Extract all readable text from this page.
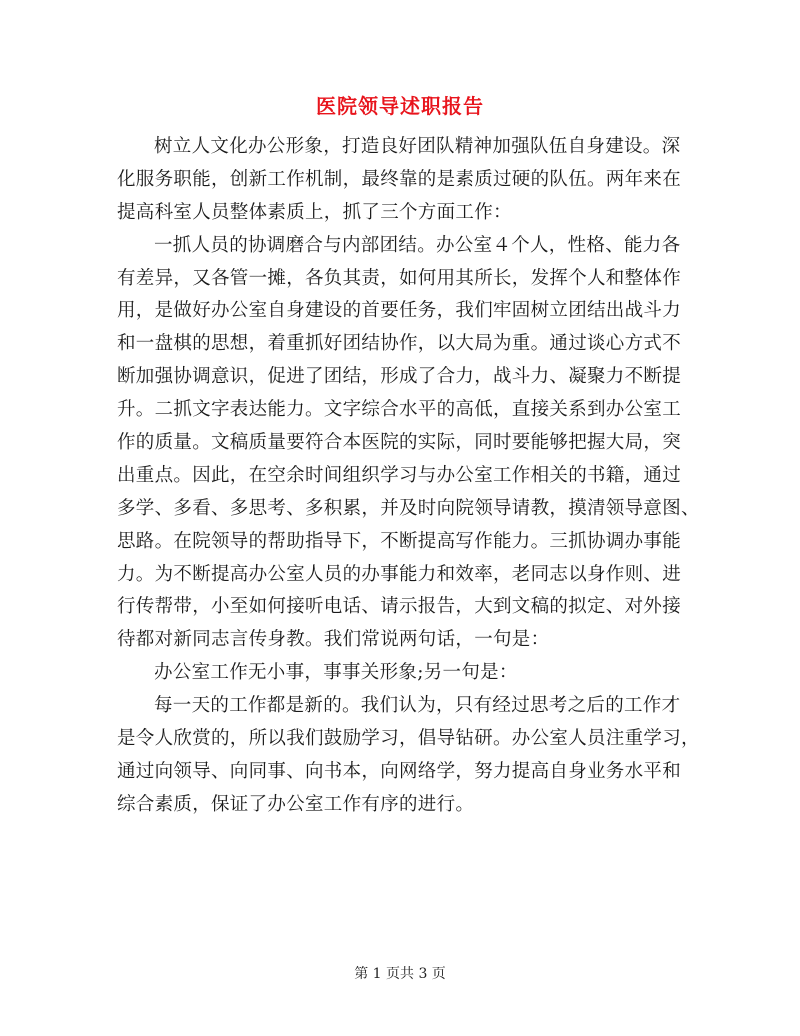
医院领导述职报告
树立人文化办公形象，打造良好团队精神加强队伍自身建设。深
化服务职能，创新工作机制，最终靠的是素质过硬的队伍。两年来在
提高科室人员整体素质上，抓了三个方面工作：
一抓人员的协调磨合与内部团结。办公室４个人，性格、能力各
有差异，又各管一摊，各负其责，如何用其所长，发挥个人和整体作
用，是做好办公室自身建设的首要任务，我们牢固树立团结出战斗力
和一盘棋的思想，着重抓好团结协作，以大局为重。通过谈心方式不
断加强协调意识，促进了团结，形成了合力，战斗力、凝聚力不断提
升。二抓文字表达能力。文字综合水平的高低，直接关系到办公室工
作的质量。文稿质量要符合本医院的实际，同时要能够把握大局，突
出重点。因此，在空余时间组织学习与办公室工作相关的书籍，通过
多学、多看、多思考、多积累，并及时向院领导请教，摸清领导意图、
思路。在院领导的帮助指导下，不断提高写作能力。三抓协调办事能
力。为不断提高办公室人员的办事能力和效率，老同志以身作则、进
行传帮带，小至如何接听电话、请示报告，大到文稿的拟定、对外接
待都对新同志言传身教。我们常说两句话，一句是：
办公室工作无小事，事事关形象;另一句是：
每一天的工作都是新的。我们认为，只有经过思考之后的工作才
是令人欣赏的，所以我们鼓励学习，倡导钻研。办公室人员注重学习，
通过向领导、向同事、向书本，向网络学，努力提高自身业务水平和
综合素质，保证了办公室工作有序的进行。
第 1 页共 3 页
